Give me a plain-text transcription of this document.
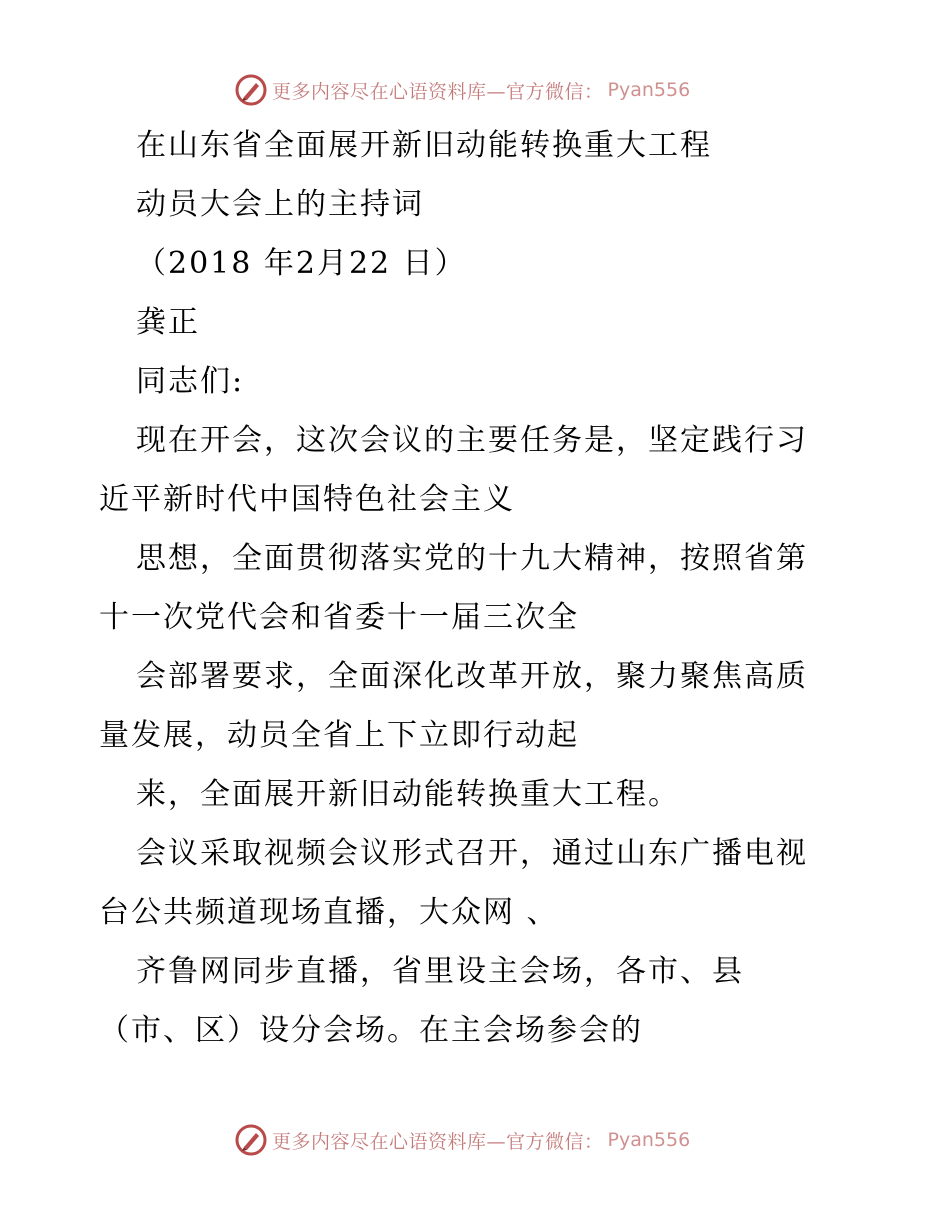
更多内容尽在心语资料库—官方微信： Pyan556
在山东省全面展开新旧动能转换重大工程
动员大会上的主持词
（2018 年2月22 日）
龚正
同志们:
现在开会，这次会议的主要任务是，坚定践行习
近平新时代中国特色社会主义
思想，全面贯彻落实党的十九大精神，按照省第
十一次党代会和省委十一届三次全
会部署要求，全面深化改革开放，聚力聚焦高质
量发展，动员全省上下立即行动起
来，全面展开新旧动能转换重大工程。
会议采取视频会议形式召开，通过山东广播电视
台公共频道现场直播，大众网 、
齐鲁网同步直播，省里设主会场，各市、县
（市、区）设分会场。在主会场参会的
更多内容尽在心语资料库—官方微信： Pyan556
